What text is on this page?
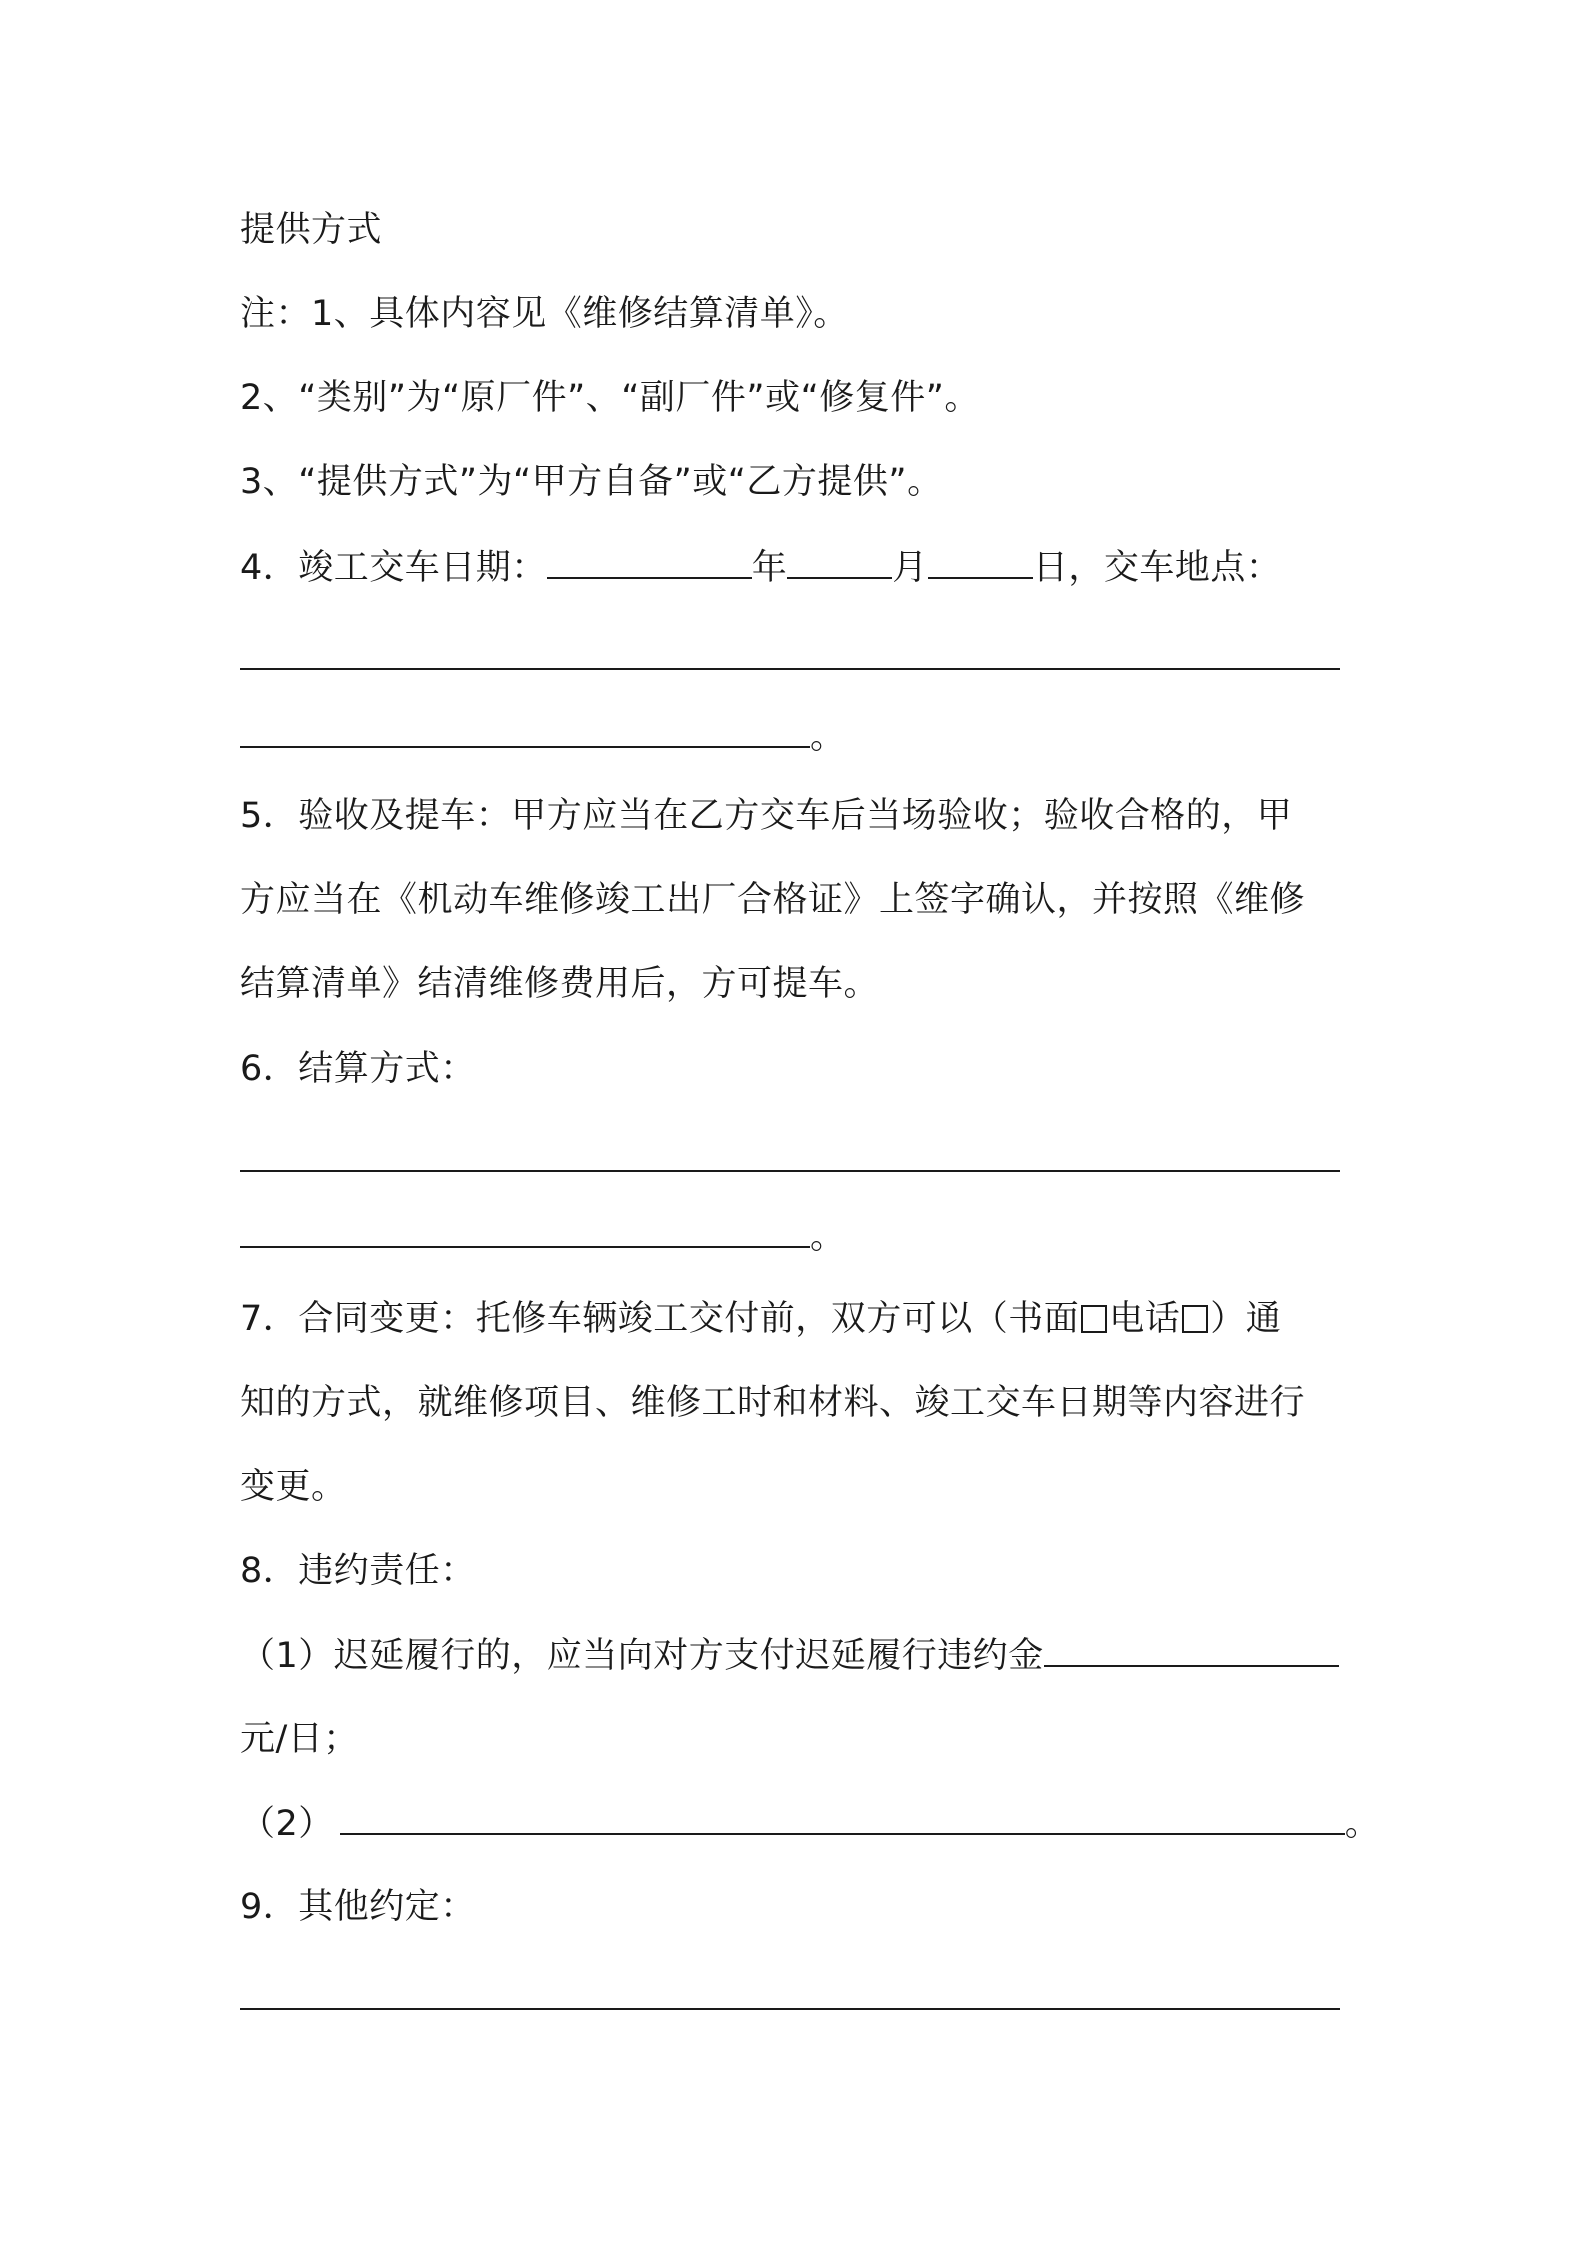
提供方式
注：1、具体内容见《维修结算清单》。
2、“类别”为“原厂件”、“副厂件”或“修复件”。
3、“提供方式”为“甲方自备”或“乙方提供”。
4．竣工交车日期：	年	月	日，交车地点：
。
5．验收及提车：甲方应当在乙方交车后当场验收；验收合格的，甲
方应当在《机动车维修竣工出厂合格证》上签字确认，并按照《维修
结算清单》结清维修费用后，方可提车。
6．结算方式：
。
7．合同变更：托修车辆竣工交付前，双方可以（书面 电话 ）通
知的方式，就维修项目、维修工时和材料、竣工交车日期等内容进行
变更。
8．违约责任：
（1）迟延履行的，应当向对方支付迟延履行违约金
元/日；
（2）	。
9．其他约定：
